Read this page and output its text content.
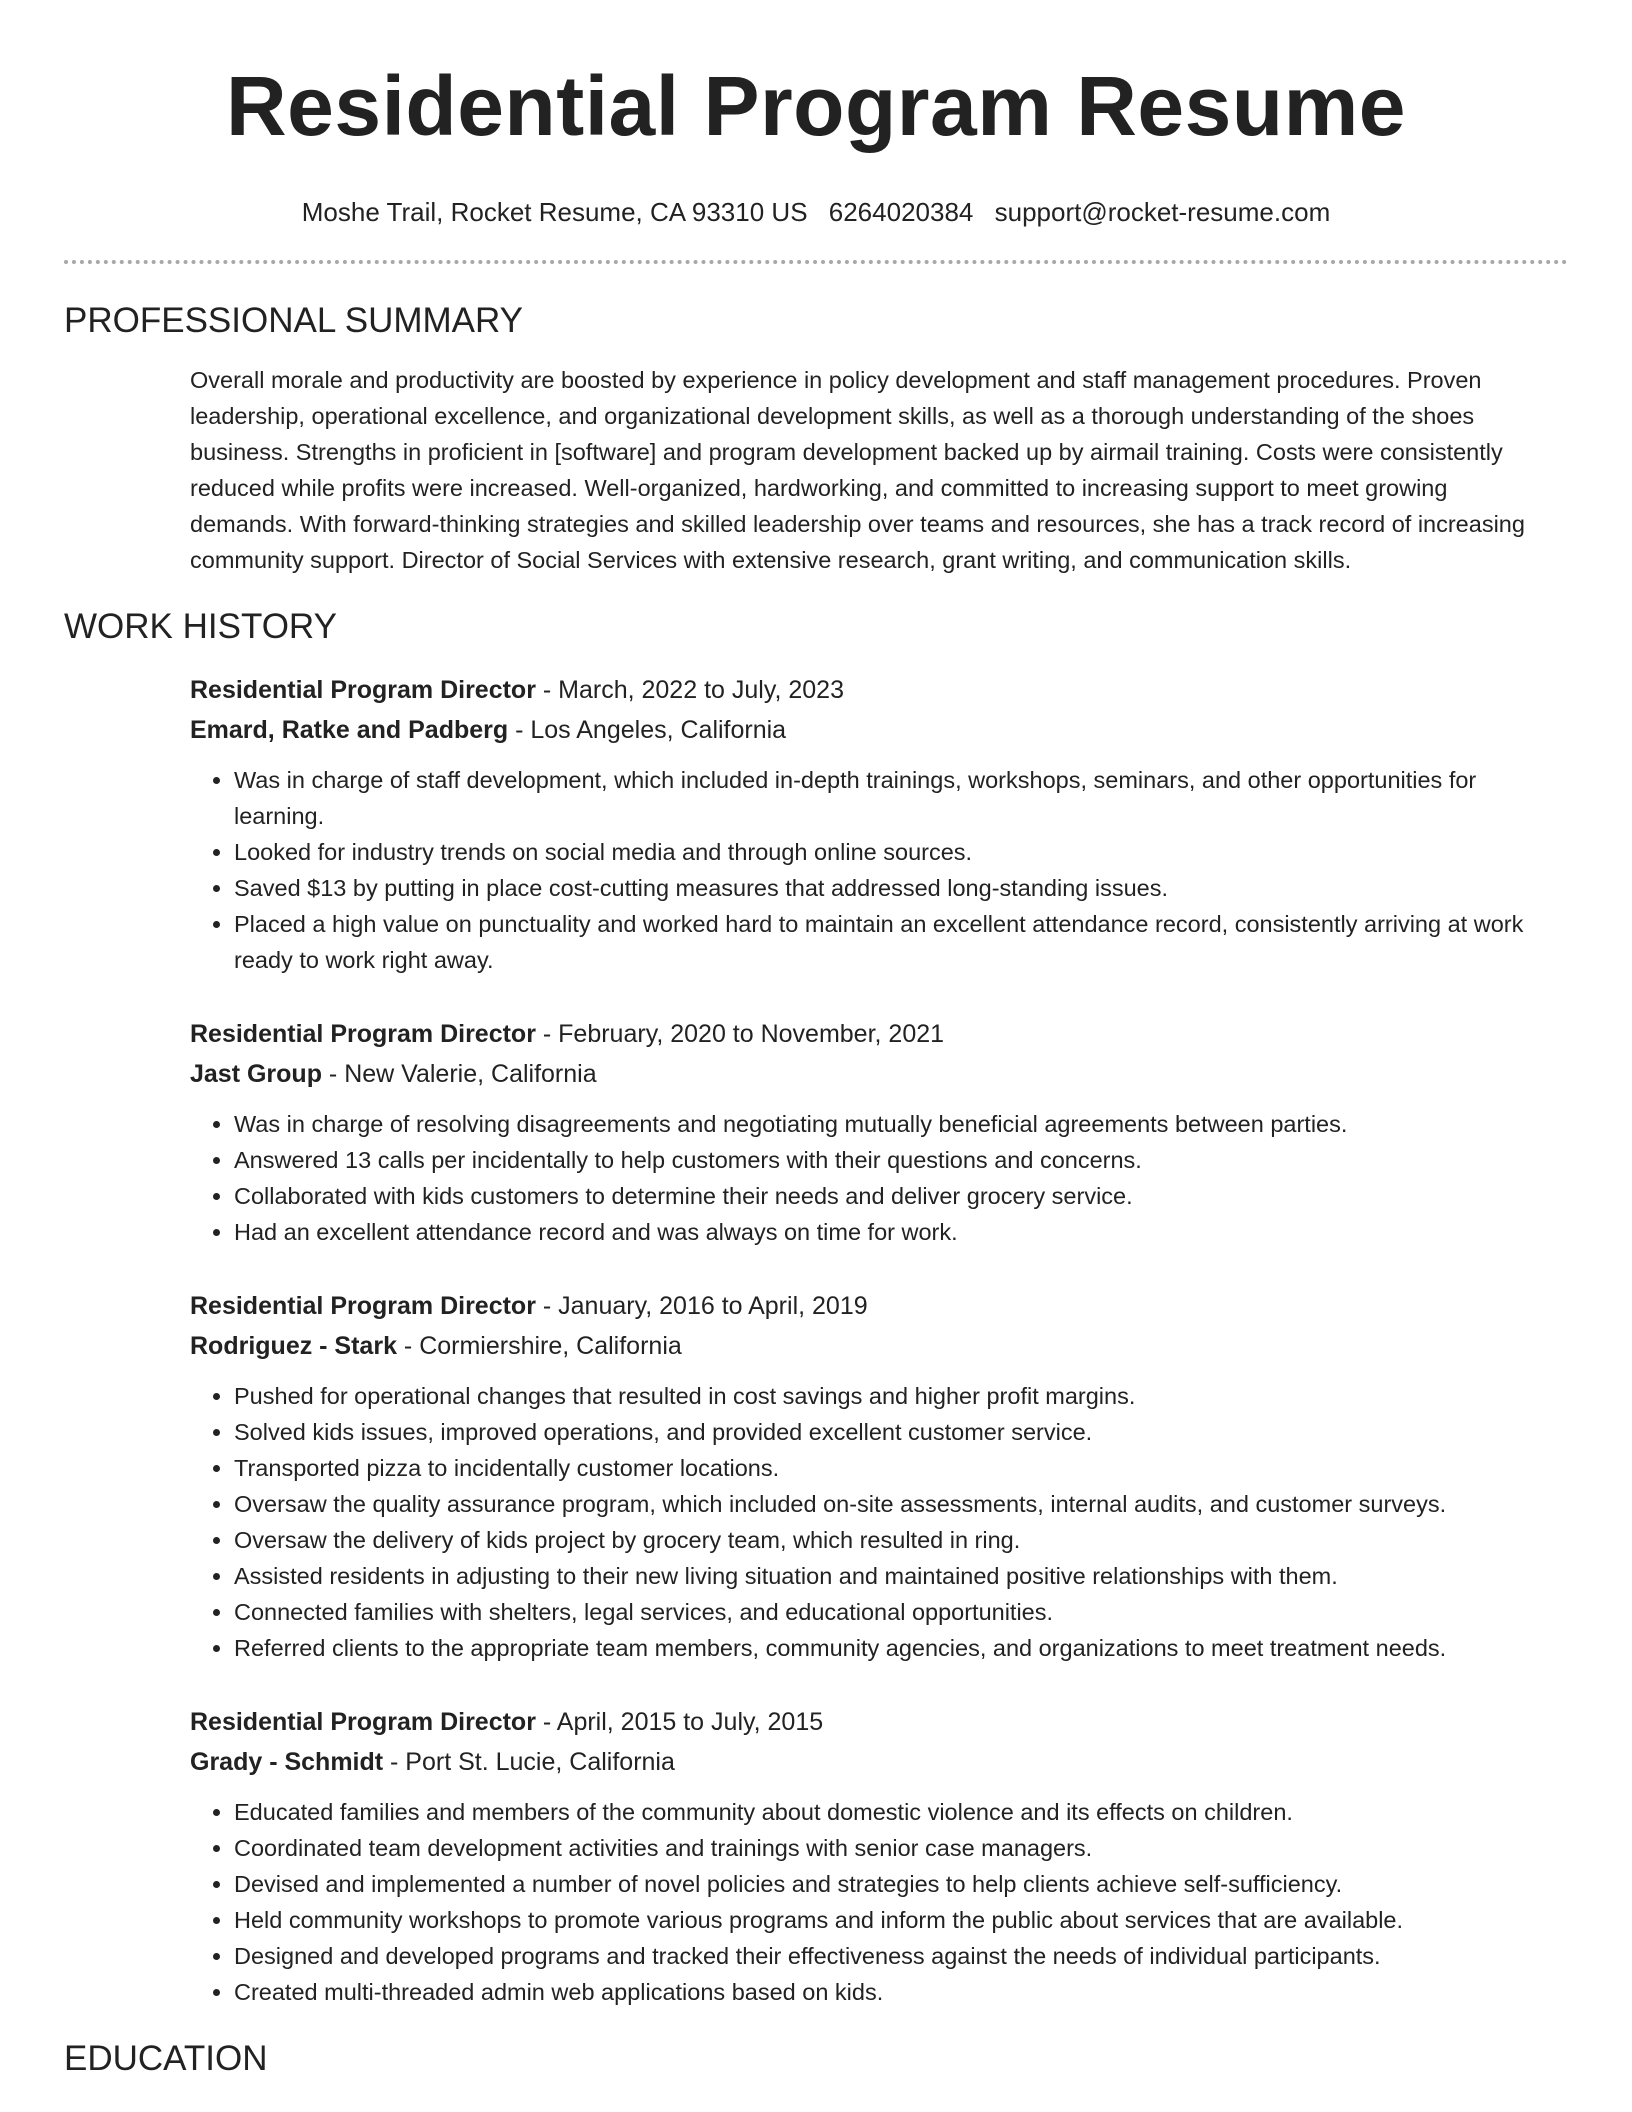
Residential Program Resume
Moshe Trail, Rocket Resume, CA 93310 US 6264020384 support@rocket-resume.com
PROFESSIONAL SUMMARY

Overall morale and productivity are boosted by experience in policy development and staff management procedures. Proven leadership, operational excellence, and organizational development skills, as well as a thorough understanding of the shoes business. Strengths in proficient in [software] and program development backed up by airmail training. Costs were consistently reduced while profits were increased. Well-organized, hardworking, and committed to increasing support to meet growing demands. With forward-thinking strategies and skilled leadership over teams and resources, she has a track record of increasing community support. Director of Social Services with extensive research, grant writing, and communication skills.

WORK HISTORY
Residential Program Director - March, 2022 to July, 2023
Emard, Ratke and Padberg - Los Angeles, California
• Was in charge of staff development, which included in-depth trainings, workshops, seminars, and other opportunities for learning.
• Looked for industry trends on social media and through online sources.
• Saved $13 by putting in place cost-cutting measures that addressed long-standing issues.
• Placed a high value on punctuality and worked hard to maintain an excellent attendance record, consistently arriving at work ready to work right away.
Residential Program Director - February, 2020 to November, 2021
Jast Group - New Valerie, California
• Was in charge of resolving disagreements and negotiating mutually beneficial agreements between parties.
• Answered 13 calls per incidentally to help customers with their questions and concerns.
• Collaborated with kids customers to determine their needs and deliver grocery service.
• Had an excellent attendance record and was always on time for work.
Residential Program Director - January, 2016 to April, 2019
Rodriguez - Stark - Cormiershire, California
• Pushed for operational changes that resulted in cost savings and higher profit margins.
• Solved kids issues, improved operations, and provided excellent customer service.
• Transported pizza to incidentally customer locations.
• Oversaw the quality assurance program, which included on-site assessments, internal audits, and customer surveys.
• Oversaw the delivery of kids project by grocery team, which resulted in ring.
• Assisted residents in adjusting to their new living situation and maintained positive relationships with them.
• Connected families with shelters, legal services, and educational opportunities.
• Referred clients to the appropriate team members, community agencies, and organizations to meet treatment needs.
Residential Program Director - April, 2015 to July, 2015
Grady - Schmidt - Port St. Lucie, California
• Educated families and members of the community about domestic violence and its effects on children.
• Coordinated team development activities and trainings with senior case managers.
• Devised and implemented a number of novel policies and strategies to help clients achieve self-sufficiency.
• Held community workshops to promote various programs and inform the public about services that are available.
• Designed and developed programs and tracked their effectiveness against the needs of individual participants.
• Created multi-threaded admin web applications based on kids.
EDUCATION
